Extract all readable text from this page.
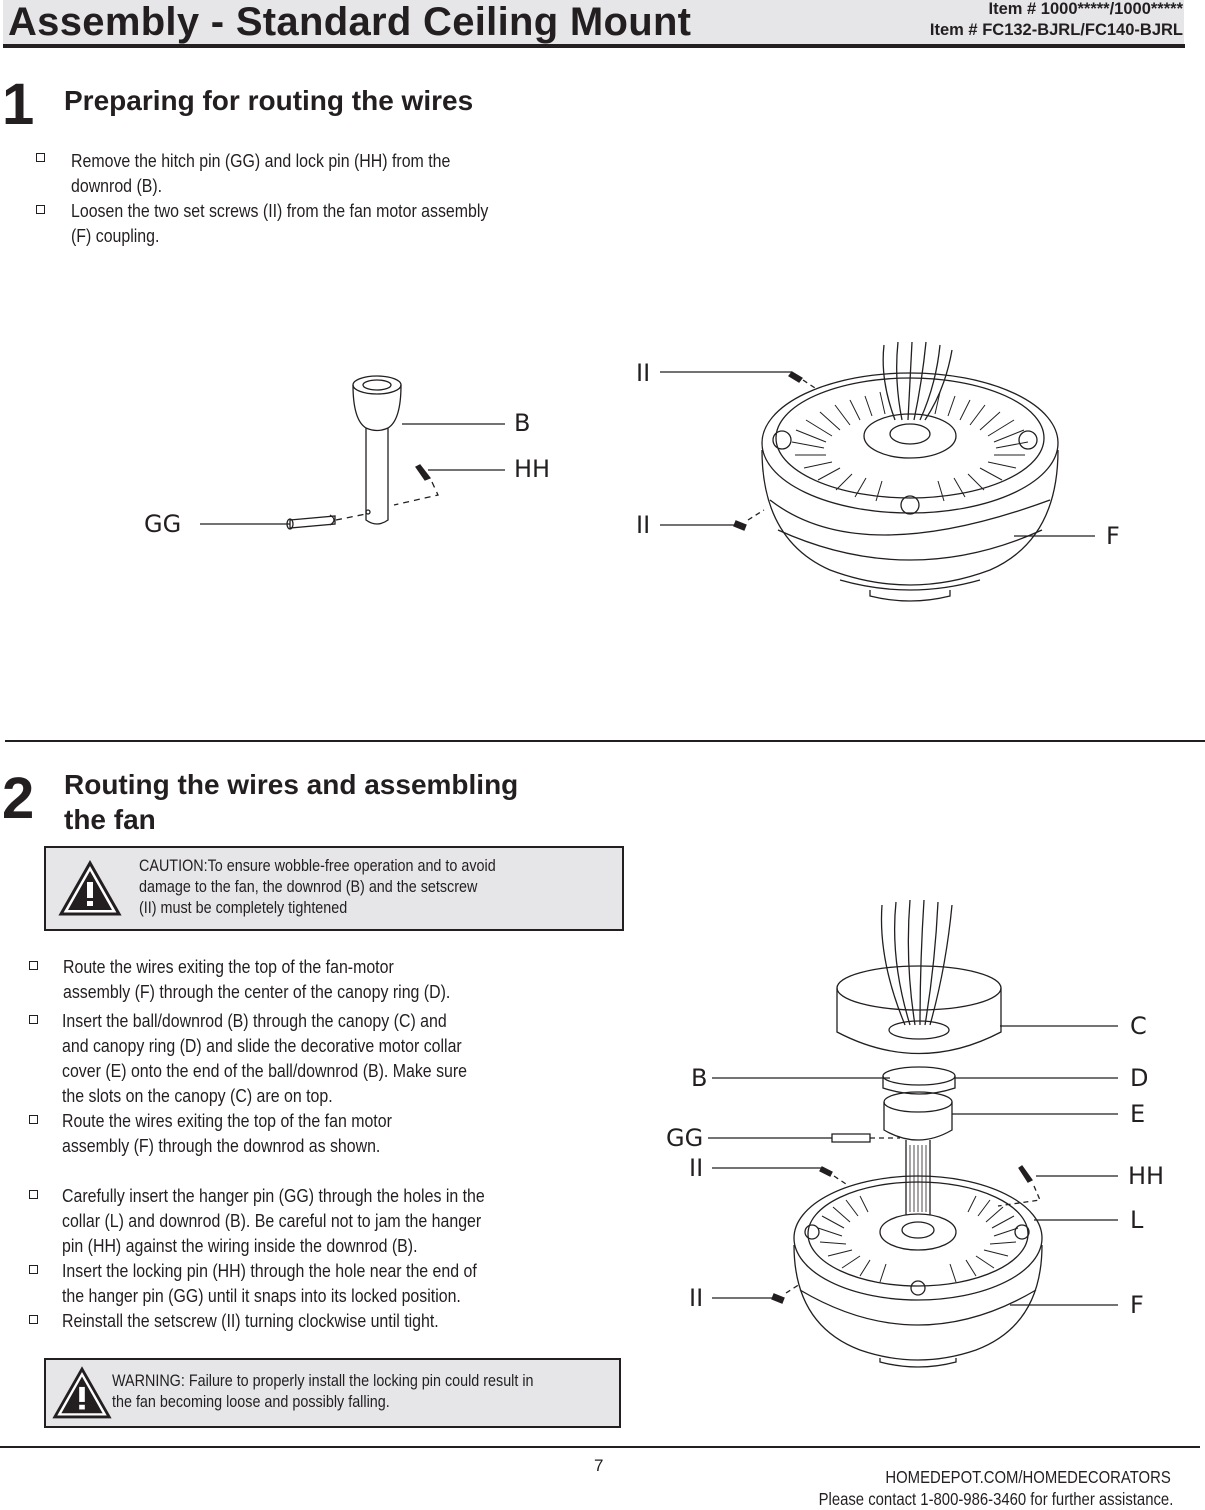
Assembly - Standard Ceiling Mount	Item # 1000*****/1000*****
Item # FC132-BJRL/FC140-BJRL
1 Preparing for routing the wires
Remove the hitch pin (GG) and lock pin (HH) from the
downrod (B).
Loosen the two set screws (II) from the fan motor assembly
(F) coupling.
B
HH
GG
II
II	F
2 Routing the wires and assembling
the fan
CAUTION:To ensure wobble-free operation and to avoid
damage to the fan, the downrod (B) and the setscrew
(II) must be completely tightened
Route the wires exiting the top of the fan-motor
assembly (F) through the center of the canopy ring (D).
Insert the ball/downrod (B) through the canopy (C) and
and canopy ring (D) and slide the decorative motor collar
cover (E) onto the end of the ball/downrod (B). Make sure
the slots on the canopy (C) are on top.
Route the wires exiting the top of the fan motor
assembly (F) through the downrod as shown.
Carefully insert the hanger pin (GG) through the holes in the
collar (L) and downrod (B). Be careful not to jam the hanger
pin (HH) against the wiring inside the downrod (B).
Insert the locking pin (HH) through the hole near the end of
the hanger pin (GG) until it snaps into its locked position.
Reinstall the setscrew (II) turning clockwise until tight.
WARNING: Failure to properly install the locking pin could result in
the fan becoming loose and possibly falling.
C
B	D
E
GG
II	HH
L
II	F
7
HOMEDEPOT.COM/HOMEDECORATORS
Please contact 1-800-986-3460 for further assistance.
